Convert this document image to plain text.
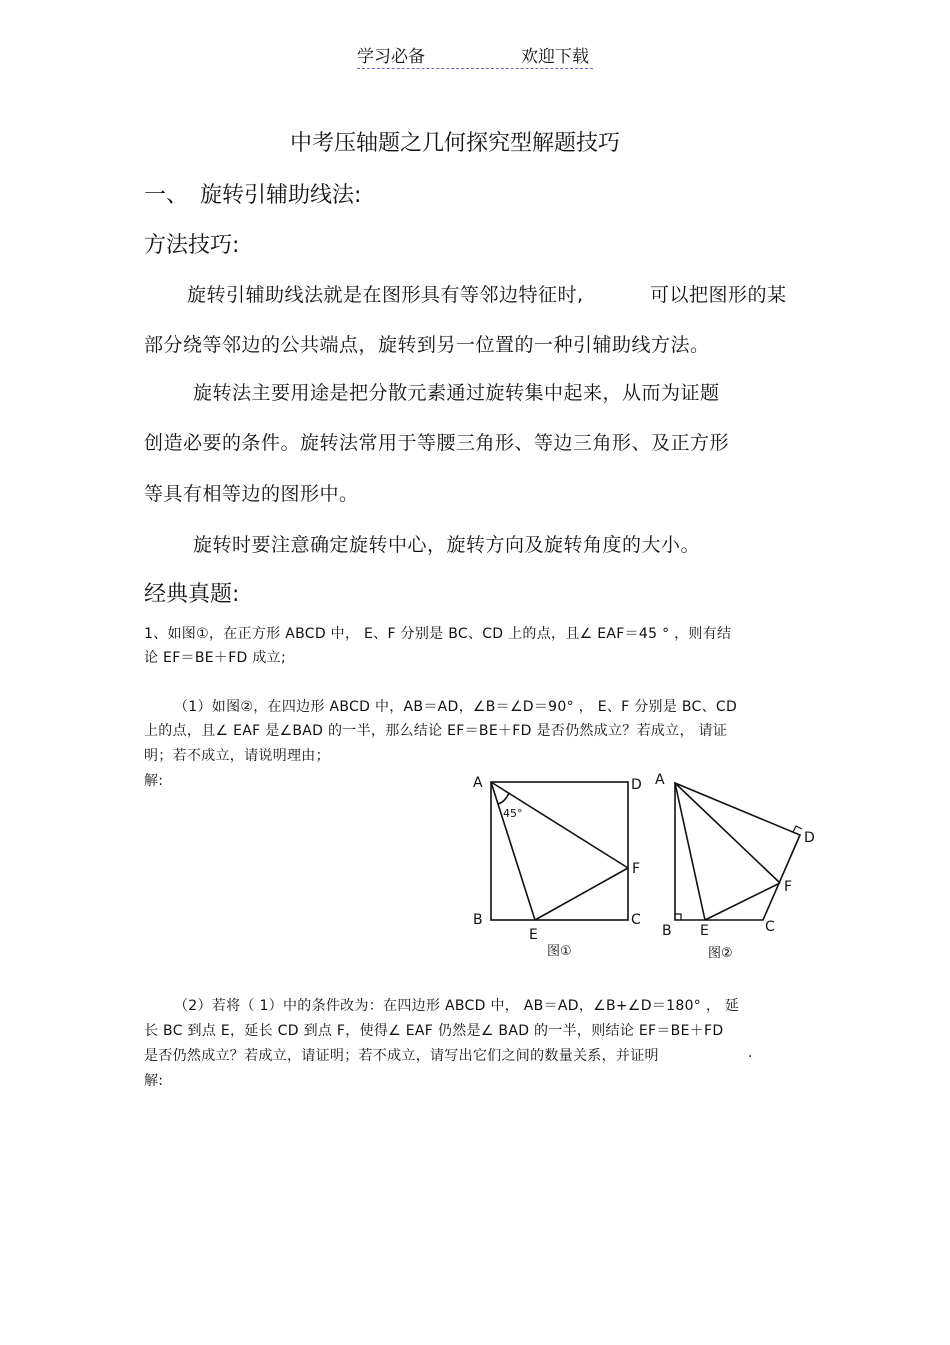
学习必备	欢迎下载
中考压轴题之几何探究型解题技巧
一、 旋转引辅助线法:
方法技巧:
旋转引辅助线法就是在图形具有等邻边特征时,	可以把图形的某
部分绕等邻边的公共端点，旋转到另一位置的一种引辅助线方法。
旋转法主要用途是把分散元素通过旋转集中起来，从而为证题
创造必要的条件。旋转法常用于等腰三角形、等边三角形、及正方形
等具有相等边的图形中。
旋转时要注意确定旋转中心，旋转方向及旋转角度的大小。
经典真题:
1、如图①，在正方形 ABCD 中， E、F 分别是 BC、CD 上的点，且∠ EAF＝45 ° ，则有结
论 EF＝BE＋FD 成立;
（1）如图②，在四边形 ABCD 中，AB＝AD，∠B＝∠D＝90° ， E、F 分别是 BC、CD
上的点，且∠ EAF 是∠BAD 的一半，那么结论 EF＝BE＋FD 是否仍然成立？若成立， 请证
明；若不成立，请说明理由；
解:	A	D
B	C
E
F
45°
图①
A
D
B	C
E
F
图②
（2）若将（ 1）中的条件改为：在四边形 ABCD 中， AB＝AD，∠B+∠D＝180° ， 延
长 BC 到点 E，延长 CD 到点 F，使得∠ EAF 仍然是∠ BAD 的一半，则结论 EF＝BE＋FD
是否仍然成立？若成立，请证明；若不成立，请写出它们之间的数量关系，并证明	.
解:
